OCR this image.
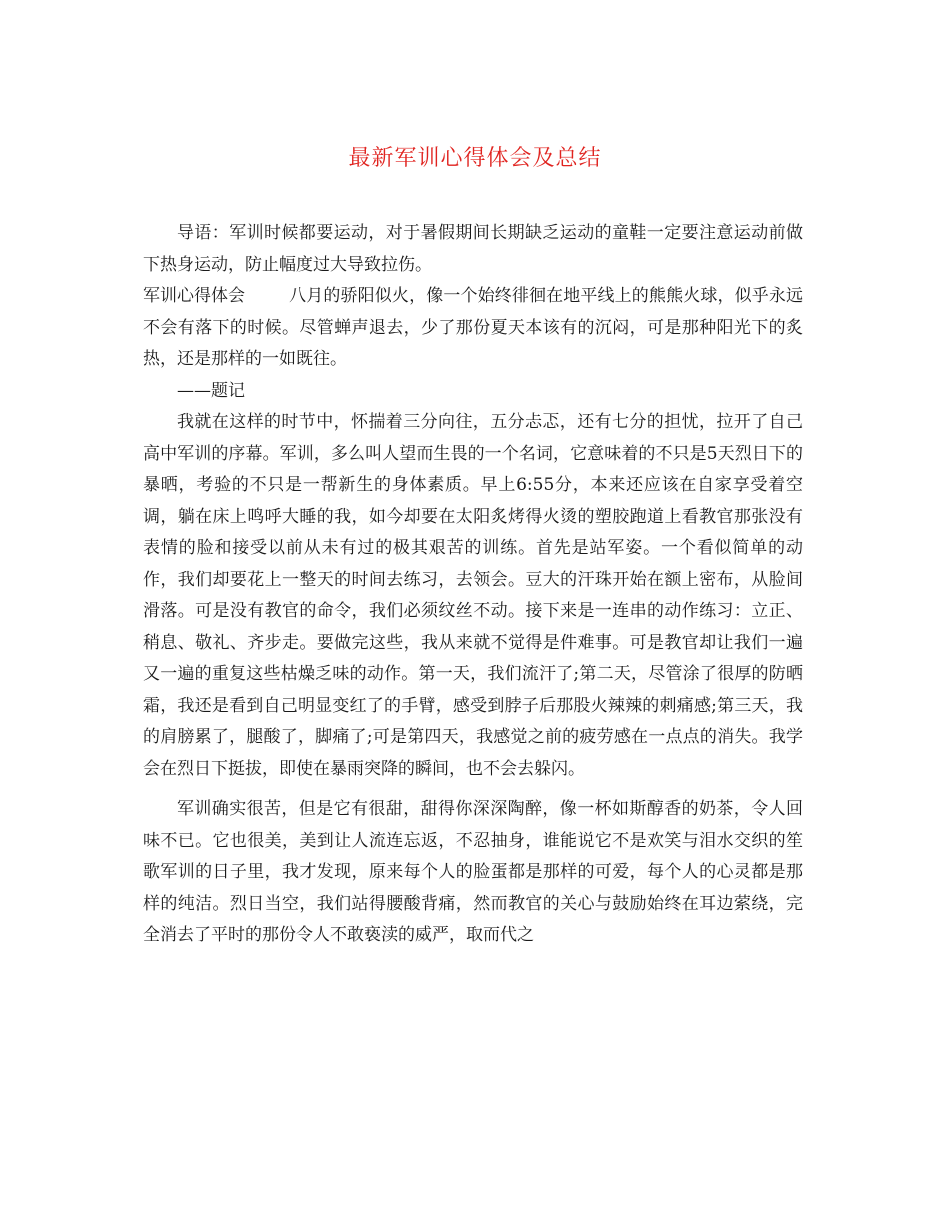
最新军训心得体会及总结

导语：军训时候都要运动，对于暑假期间长期缺乏运动的童鞋一定要注意运动前做下热身运动，防止幅度过大导致拉伤。

军训心得体会	八月的骄阳似火，像一个始终徘徊在地平线上的熊熊火球，似乎永远不会有落下的时候。尽管蝉声退去，少了那份夏天本该有的沉闷，可是那种阳光下的炙热，还是那样的一如既往。

——题记

我就在这样的时节中，怀揣着三分向往，五分忐忑，还有七分的担忧，拉开了自己高中军训的序幕。军训，多么叫人望而生畏的一个名词，它意味着的不只是5天烈日下的暴晒，考验的不只是一帮新生的身体素质。早上6:55分，本来还应该在自家享受着空调，躺在床上鸣呼大睡的我，如今却要在太阳炙烤得火烫的塑胶跑道上看教官那张没有表情的脸和接受以前从未有过的极其艰苦的训练。首先是站军姿。一个看似简单的动作，我们却要花上一整天的时间去练习，去领会。豆大的汗珠开始在额上密布，从脸间滑落。可是没有教官的命令，我们必须纹丝不动。接下来是一连串的动作练习：立正、稍息、敬礼、齐步走。要做完这些，我从来就不觉得是件难事。可是教官却让我们一遍又一遍的重复这些枯燥乏味的动作。第一天，我们流汗了;第二天，尽管涂了很厚的防晒霜，我还是看到自己明显变红了的手臂，感受到脖子后那股火辣辣的刺痛感;第三天，我的肩膀累了，腿酸了，脚痛了;可是第四天，我感觉之前的疲劳感在一点点的消失。我学会在烈日下挺拔，即使在暴雨突降的瞬间，也不会去躲闪。

军训确实很苦，但是它有很甜，甜得你深深陶醉，像一杯如斯醇香的奶茶，令人回味不已。它也很美，美到让人流连忘返，不忍抽身，谁能说它不是欢笑与泪水交织的笙歌军训的日子里，我才发现，原来每个人的脸蛋都是那样的可爱，每个人的心灵都是那样的纯洁。烈日当空，我们站得腰酸背痛，然而教官的关心与鼓励始终在耳边萦绕，完全消去了平时的那份令人不敢亵渎的威严，取而代之
